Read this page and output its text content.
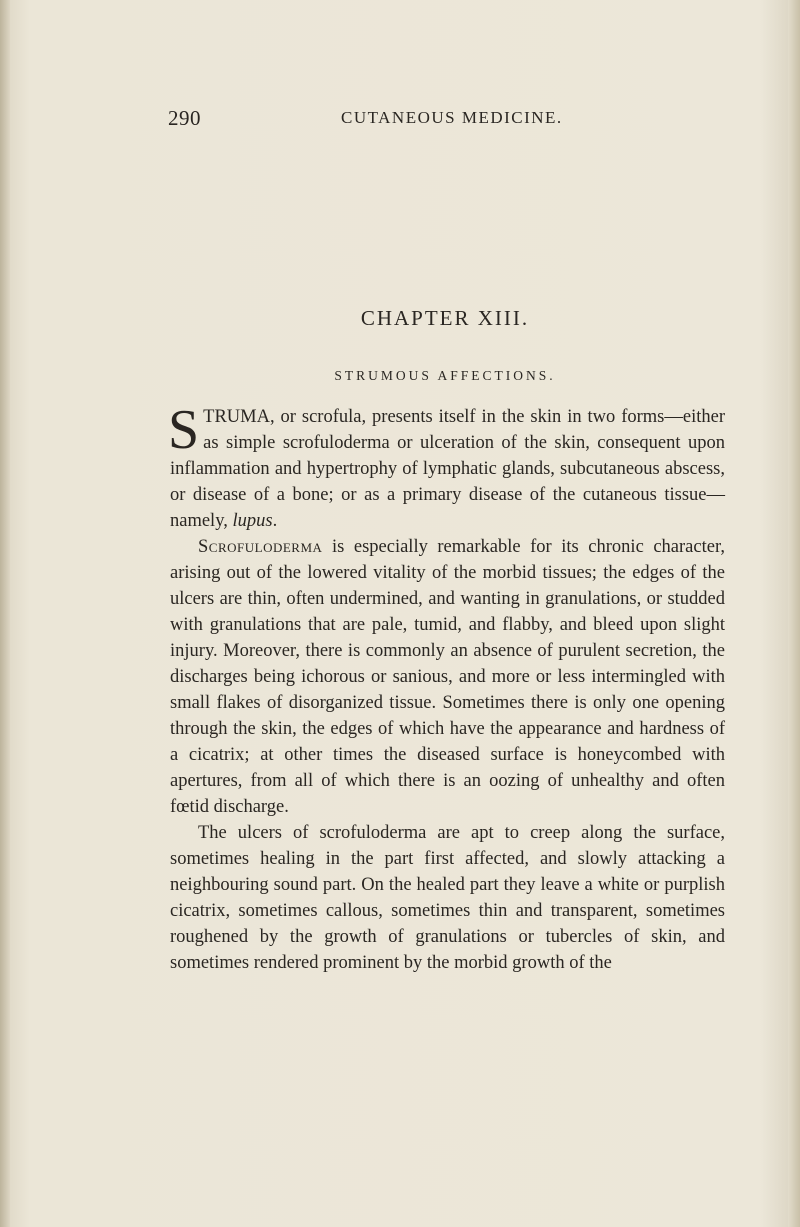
290	CUTANEOUS MEDICINE.
CHAPTER XIII.
STRUMOUS AFFECTIONS.

STRUMA, or scrofula, presents itself in the skin in two forms—either as simple scrofuloderma or ulceration of the skin, consequent upon inflammation and hypertrophy of lymphatic glands, subcutaneous abscess, or disease of a bone; or as a primary disease of the cutaneous tissue—namely, lupus.

Scrofuloderma is especially remarkable for its chronic character, arising out of the lowered vitality of the morbid tissues; the edges of the ulcers are thin, often undermined, and wanting in granulations, or studded with granulations that are pale, tumid, and flabby, and bleed upon slight injury. Moreover, there is commonly an absence of purulent secretion, the discharges being ichorous or sanious, and more or less intermingled with small flakes of disorganized tissue. Sometimes there is only one opening through the skin, the edges of which have the appearance and hardness of a cicatrix; at other times the diseased surface is honeycombed with apertures, from all of which there is an oozing of unhealthy and often fœtid discharge.

The ulcers of scrofuloderma are apt to creep along the surface, sometimes healing in the part first affected, and slowly attacking a neighbouring sound part. On the healed part they leave a white or purplish cicatrix, sometimes callous, sometimes thin and transparent, sometimes roughened by the growth of granulations or tubercles of skin, and sometimes rendered prominent by the morbid growth of the
